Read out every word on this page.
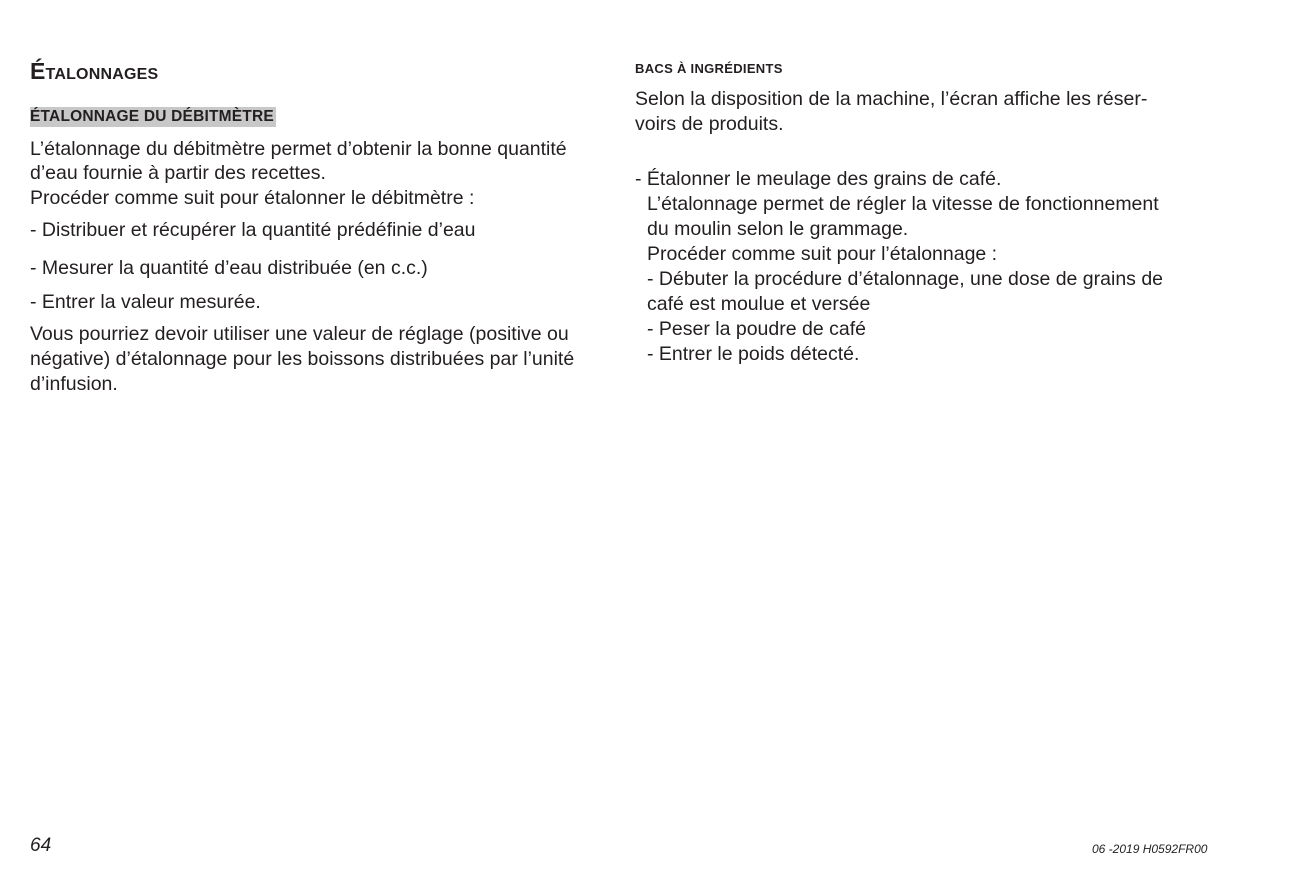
ÉTALONNAGES
ÉTALONNAGE DU DÉBITMÈTRE
L’étalonnage du débitmètre permet d’obtenir la bonne quantité
d’eau fournie à partir des recettes.
Procéder comme suit pour étalonner le débitmètre :
- Distribuer et récupérer la quantité prédéfinie d’eau
- Mesurer la quantité d’eau distribuée (en c.c.)
- Entrer la valeur mesurée.
Vous pourriez devoir utiliser une valeur de réglage (positive ou
négative) d’étalonnage pour les boissons distribuées par l’unité
d’infusion.
BACS À INGRÉDIENTS
Selon la disposition de la machine, l’écran affiche les réser-
voirs de produits.
- Étalonner le meulage des grains de café.
L’étalonnage permet de régler la vitesse de fonctionnement
du moulin selon le grammage.
Procéder comme suit pour l’étalonnage :
- Débuter la procédure d’étalonnage, une dose de grains de
café est moulue et versée
- Peser la poudre de café
- Entrer le poids détecté.
64	06 -2019 H0592FR00
